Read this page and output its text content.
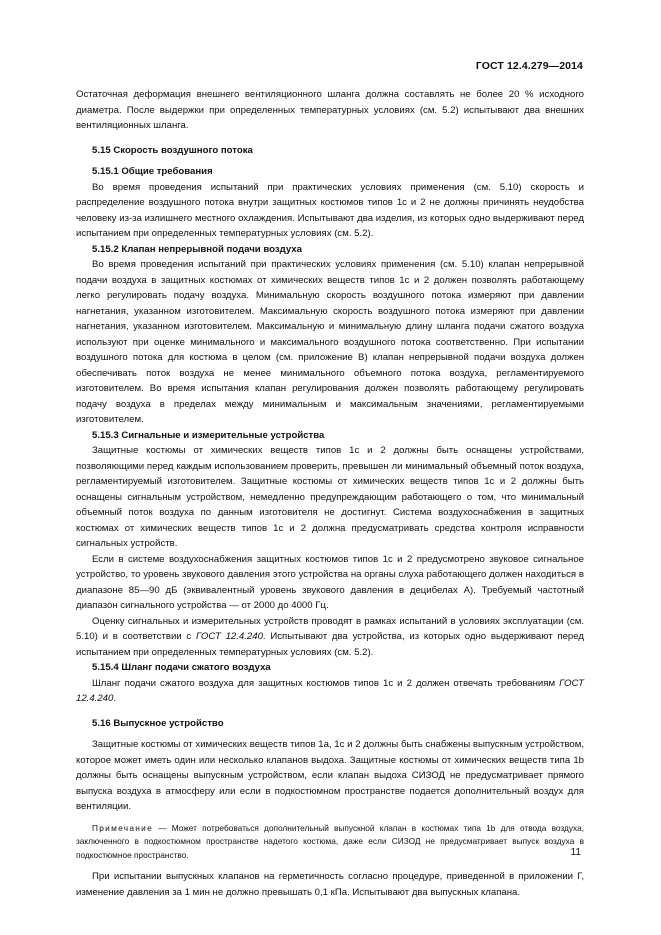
ГОСТ 12.4.279—2014

Остаточная деформация внешнего вентиляционного шланга должна составлять не более 20 % исходного диаметра. После выдержки при определенных температурных условиях (см. 5.2) испытывают два внешних вентиляционных шланга.

5.15 Скорость воздушного потока

5.15.1 Общие требования

Во время проведения испытаний при практических условиях применения (см. 5.10) скорость и распределение воздушного потока внутри защитных костюмов типов 1с и 2 не должны причинять неудобства человеку из-за излишнего местного охлаждения. Испытывают два изделия, из которых одно выдерживают перед испытанием при определенных температурных условиях (см. 5.2).

5.15.2 Клапан непрерывной подачи воздуха

Во время проведения испытаний при практических условиях применения (см. 5.10) клапан непрерывной подачи воздуха в защитных костюмах от химических веществ типов 1с и 2 должен позволять работающему легко регулировать подачу воздуха. Минимальную скорость воздушного потока измеряют при давлении нагнетания, указанном изготовителем. Максимальную скорость воздушного потока измеряют при давлении нагнетания, указанном изготовителем. Максимальную и минимальную длину шланга подачи сжатого воздуха используют при оценке минимального и максимального воздушного потока соответственно. При испытании воздушного потока для костюма в целом (см. приложение В) клапан непрерывной подачи воздуха должен обеспечивать поток воздуха не менее минимального объемного потока воздуха, регламентируемого изготовителем. Во время испытания клапан регулирования должен позволять работающему регулировать подачу воздуха в пределах между минимальным и максимальным значениями, регламентируемыми изготовителем.

5.15.3 Сигнальные и измерительные устройства

Защитные костюмы от химических веществ типов 1с и 2 должны быть оснащены устройствами, позволяющими перед каждым использованием проверить, превышен ли минимальный объемный поток воздуха, регламентируемый изготовителем. Защитные костюмы от химических веществ типов 1с и 2 должны быть оснащены сигнальным устройством, немедленно предупреждающим работающего о том, что минимальный объемный поток воздуха по данным изготовителя не достигнут. Система воздухоснабжения в защитных костюмах от химических веществ типов 1с и 2 должна предусматривать средства контроля исправности сигнальных устройств.

Если в системе воздухоснабжения защитных костюмов типов 1с и 2 предусмотрено звуковое сигнальное устройство, то уровень звукового давления этого устройства на органы слуха работающего должен находиться в диапазоне 85—90 дБ (эквивалентный уровень звукового давления в децибелах А). Требуемый частотный диапазон сигнального устройства — от 2000 до 4000 Гц.

Оценку сигнальных и измерительных устройств проводят в рамках испытаний в условиях эксплуатации (см. 5.10) и в соответствии с ГОСТ 12.4.240. Испытывают два устройства, из которых одно выдерживают перед испытанием при определенных температурных условиях (см. 5.2).

5.15.4 Шланг подачи сжатого воздуха

Шланг подачи сжатого воздуха для защитных костюмов типов 1с и 2 должен отвечать требованиям ГОСТ 12.4.240.

5.16 Выпускное устройство

Защитные костюмы от химических веществ типов 1а, 1с и 2 должны быть снабжены выпускным устройством, которое может иметь один или несколько клапанов выдоха. Защитные костюмы от химических веществ типа 1b должны быть оснащены выпускным устройством, если клапан выдоха СИЗОД не предусматривает прямого выпуска воздуха в атмосферу или если в подкостюмном пространстве подается дополнительный воздух для вентиляции.

Примечание — Может потребоваться дополнительный выпускной клапан в костюмах типа 1b для отвода воздуха, заключенного в подкостюмном пространстве надетого костюма, даже если СИЗОД не предусматривает выпуск воздуха в подкостюмное пространство.

При испытании выпускных клапанов на герметичность согласно процедуре, приведенной в приложении Г, изменение давления за 1 мин не должно превышать 0,1 кПа. Испытывают два выпускных клапана.

11
